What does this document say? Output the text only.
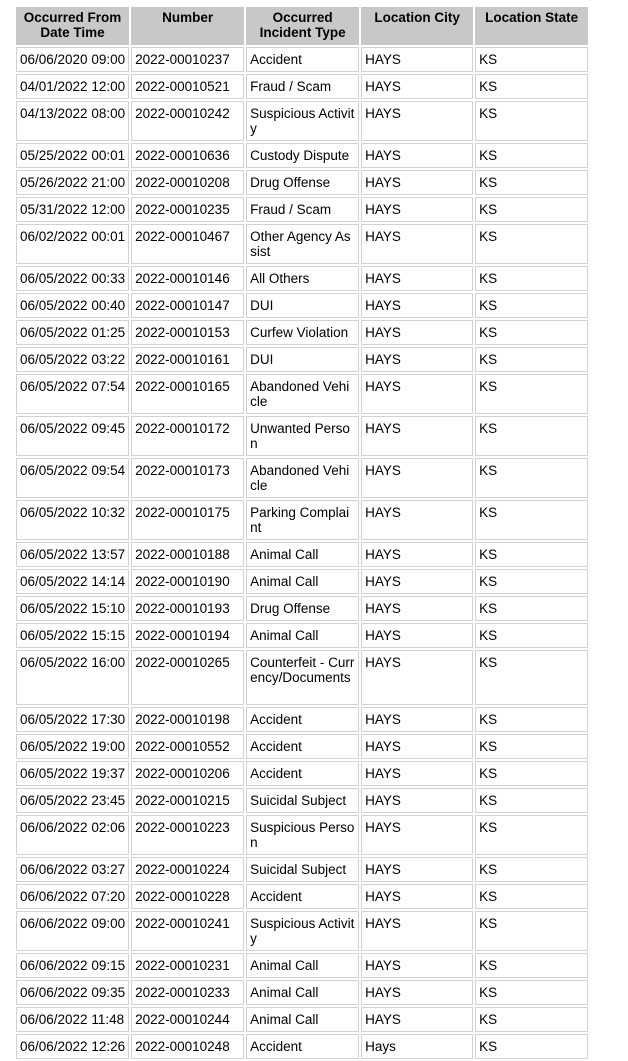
Occurred From Date Time	Number	Occurred Incident Type	Location City	Location State
06/06/2020 09:00	2022-00010237	Accident	HAYS	KS
04/01/2022 12:00	2022-00010521	Fraud / Scam	HAYS	KS
04/13/2022 08:00	2022-00010242	Suspicious Activity	HAYS	KS
05/25/2022 00:01	2022-00010636	Custody Dispute	HAYS	KS
05/26/2022 21:00	2022-00010208	Drug Offense	HAYS	KS
05/31/2022 12:00	2022-00010235	Fraud / Scam	HAYS	KS
06/02/2022 00:01	2022-00010467	Other Agency Assist	HAYS	KS
06/05/2022 00:33	2022-00010146	All Others	HAYS	KS
06/05/2022 00:40	2022-00010147	DUI	HAYS	KS
06/05/2022 01:25	2022-00010153	Curfew Violation	HAYS	KS
06/05/2022 03:22	2022-00010161	DUI	HAYS	KS
06/05/2022 07:54	2022-00010165	Abandoned Vehicle	HAYS	KS
06/05/2022 09:45	2022-00010172	Unwanted Person	HAYS	KS
06/05/2022 09:54	2022-00010173	Abandoned Vehicle	HAYS	KS
06/05/2022 10:32	2022-00010175	Parking Complaint	HAYS	KS
06/05/2022 13:57	2022-00010188	Animal Call	HAYS	KS
06/05/2022 14:14	2022-00010190	Animal Call	HAYS	KS
06/05/2022 15:10	2022-00010193	Drug Offense	HAYS	KS
06/05/2022 15:15	2022-00010194	Animal Call	HAYS	KS
06/05/2022 16:00	2022-00010265	Counterfeit - Currency/Documents	HAYS	KS
06/05/2022 17:30	2022-00010198	Accident	HAYS	KS
06/05/2022 19:00	2022-00010552	Accident	HAYS	KS
06/05/2022 19:37	2022-00010206	Accident	HAYS	KS
06/05/2022 23:45	2022-00010215	Suicidal Subject	HAYS	KS
06/06/2022 02:06	2022-00010223	Suspicious Person	HAYS	KS
06/06/2022 03:27	2022-00010224	Suicidal Subject	HAYS	KS
06/06/2022 07:20	2022-00010228	Accident	HAYS	KS
06/06/2022 09:00	2022-00010241	Suspicious Activity	HAYS	KS
06/06/2022 09:15	2022-00010231	Animal Call	HAYS	KS
06/06/2022 09:35	2022-00010233	Animal Call	HAYS	KS
06/06/2022 11:48	2022-00010244	Animal Call	HAYS	KS
06/06/2022 12:26	2022-00010248	Accident	Hays	KS
